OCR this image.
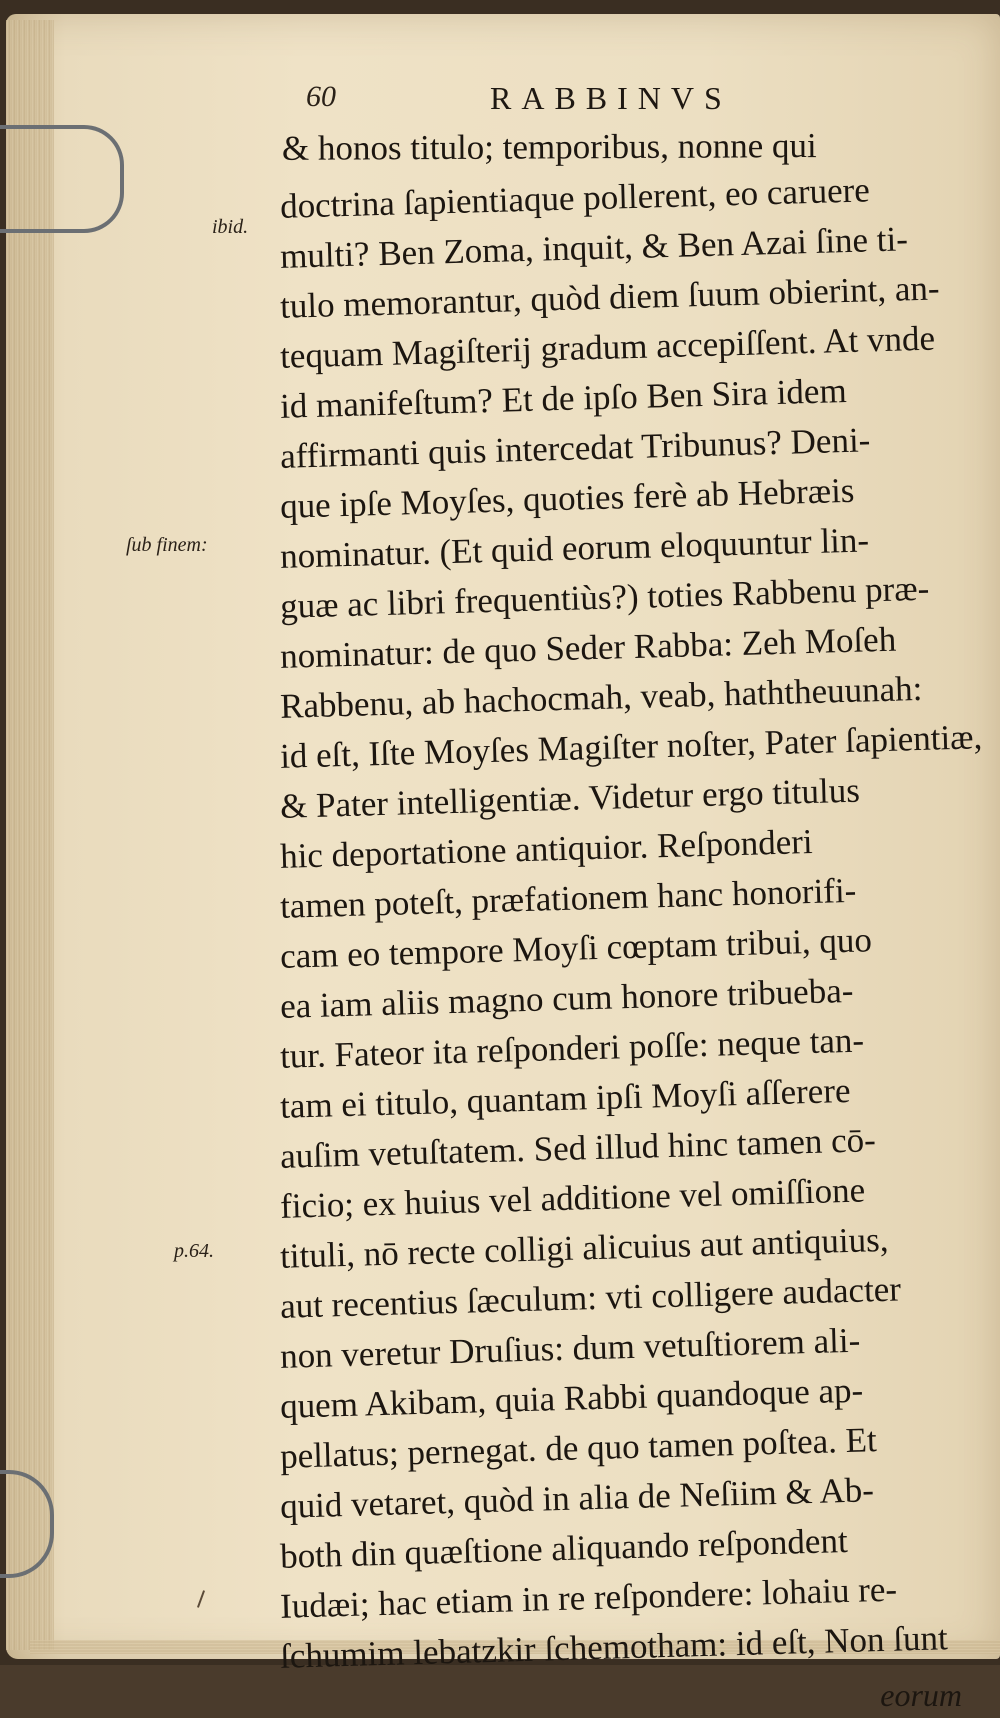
60	RABBINVS
ibid.
ſub finem:
p.64.
& honos titulo; temporibus, nonne qui
doctrina ſapientiaque pollerent, eo caruere
multi? Ben Zoma, inquit, & Ben Azai ſine ti-
tulo memorantur, quòd diem ſuum obierint, an-
tequam Magiſterij gradum accepiſſent. At vnde
id manifeſtum? Et de ipſo Ben Sira idem
affirmanti quis intercedat Tribunus? Deni-
que ipſe Moyſes, quoties ferè ab Hebræis
nominatur. (Et quid eorum eloquuntur lin-
guæ ac libri frequentiùs?) toties Rabbenu præ-
nominatur: de quo Seder Rabba: Zeh Moſeh
Rabbenu, ab hachocmah, veab, haththeuunah:
id eſt, Iſte Moyſes Magiſter noſter, Pater ſapientiæ,
& Pater intelligentiæ. Videtur ergo titulus
hic deportatione antiquior. Reſponderi
tamen poteſt, præfationem hanc honorifi-
cam eo tempore Moyſi cœptam tribui, quo
ea iam aliis magno cum honore tribueba-
tur. Fateor ita reſponderi poſſe: neque tan-
tam ei titulo, quantam ipſi Moyſi aſſerere
auſim vetuſtatem. Sed illud hinc tamen cō-
ficio; ex huius vel additione vel omiſſione
tituli, nō recte colligi alicuius aut antiquius,
aut recentius ſæculum: vti colligere audacter
non veretur Druſius: dum vetuſtiorem ali-
quem Akibam, quia Rabbi quandoque ap-
pellatus; pernegat. de quo tamen poſtea. Et
quid vetaret, quòd in alia de Neſiim & Ab-
both din quæſtione aliquando reſpondent
Iudæi; hac etiam in re reſpondere: lohaiu re-
ſchumim lebatzkir ſchemotham: id eſt, Non ſunt
eorum
